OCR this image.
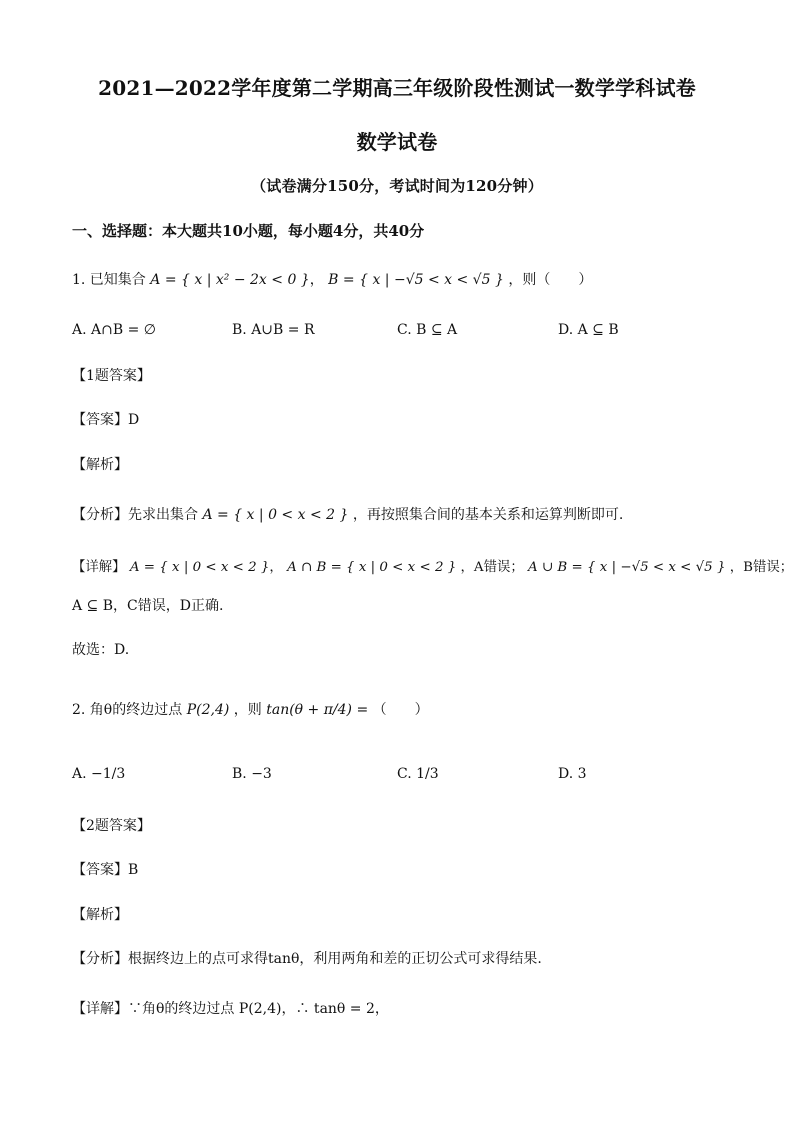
2021—2022学年度第二学期高三年级阶段性测试一数学学科试卷
数学试卷
（试卷满分150分，考试时间为120分钟）
一、选择题：本大题共10小题，每小题4分，共40分
1. 已知集合 A = { x | x² − 2x < 0 }， B = { x | −√5 < x < √5 } ，则（　　）
A. A∩B = ∅	B. A∪B = R	C. B ⊆ A	D. A ⊆ B
【1题答案】
【答案】D
【解析】
【分析】先求出集合 A = { x | 0 < x < 2 } ，再按照集合间的基本关系和运算判断即可.
【详解】 A = { x | 0 < x < 2 }， A ∩ B = { x | 0 < x < 2 } ，A错误； A ∪ B = { x | −√5 < x < √5 } ，B错误；
A ⊆ B，C错误，D正确.
故选：D.
2. 角θ的终边过点 P(2,4) ，则 tan(θ + π/4) = （　　）
A. −1/3	B. −3	C. 1/3	D. 3
【2题答案】
【答案】B
【解析】
【分析】根据终边上的点可求得tanθ，利用两角和差的正切公式可求得结果.
【详解】∵角θ的终边过点 P(2,4)，∴ tanθ = 2，
